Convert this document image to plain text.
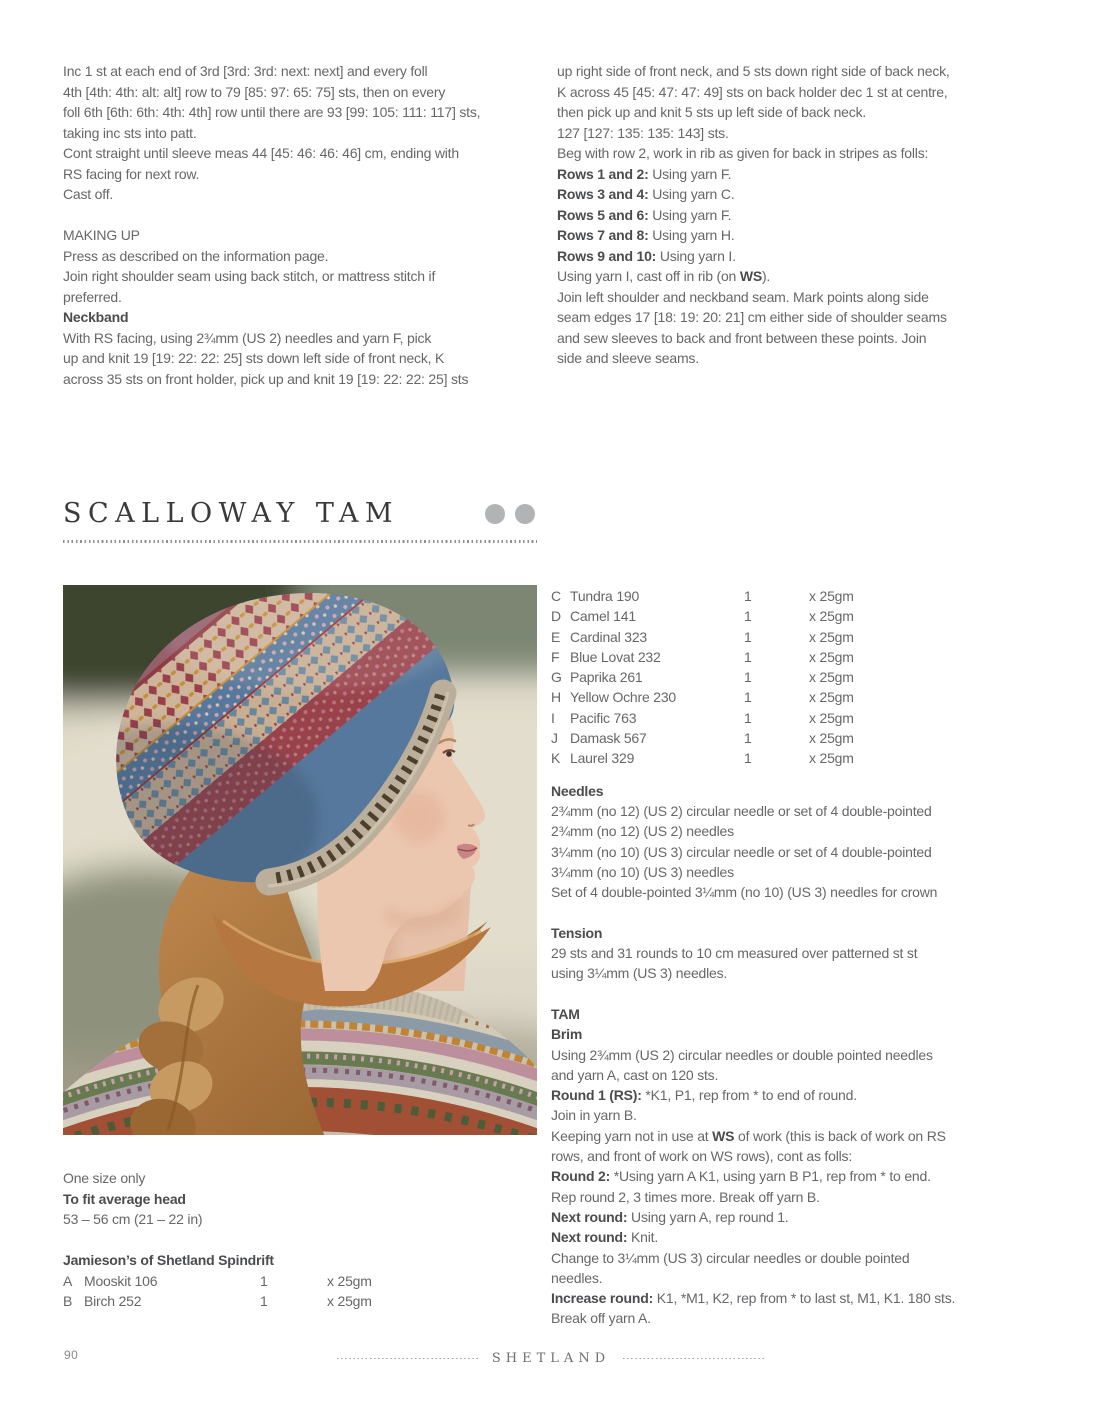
Inc 1 st at each end of 3rd [3rd: 3rd: next: next] and every foll
4th [4th: 4th: alt: alt] row to 79 [85: 97: 65: 75] sts, then on every
foll 6th [6th: 6th: 4th: 4th] row until there are 93 [99: 105: 111: 117] sts,
taking inc sts into patt.
Cont straight until sleeve meas 44 [45: 46: 46: 46] cm, ending with
RS facing for next row.
Cast off.

MAKING UP
Press as described on the information page.
Join right shoulder seam using back stitch, or mattress stitch if
preferred.
Neckband
With RS facing, using 2¾mm (US 2) needles and yarn F, pick
up and knit 19 [19: 22: 22: 25] sts down left side of front neck, K
across 35 sts on front holder, pick up and knit 19 [19: 22: 22: 25] sts
up right side of front neck, and 5 sts down right side of back neck,
K across 45 [45: 47: 47: 49] sts on back holder dec 1 st at centre,
then pick up and knit 5 sts up left side of back neck.
127 [127: 135: 135: 143] sts.
Beg with row 2, work in rib as given for back in stripes as folls:
Rows 1 and 2: Using yarn F.
Rows 3 and 4: Using yarn C.
Rows 5 and 6: Using yarn F.
Rows 7 and 8: Using yarn H.
Rows 9 and 10: Using yarn I.
Using yarn I, cast off in rib (on WS).
Join left shoulder and neckband seam. Mark points along side
seam edges 17 [18: 19: 20: 21] cm either side of shoulder seams
and sew sleeves to back and front between these points. Join
side and sleeve seams.
SCALLOWAY TAM
C Tundra 190	1	x 25gm
D Camel 141	1	x 25gm
E Cardinal 323	1	x 25gm
F Blue Lovat 232	1	x 25gm
G Paprika 261	1	x 25gm
H Yellow Ochre 230	1	x 25gm
I Pacific 763	1	x 25gm
J Damask 567	1	x 25gm
K Laurel 329	1	x 25gm
Needles
2¾mm (no 12) (US 2) circular needle or set of 4 double-pointed
2¾mm (no 12) (US 2) needles
3¼mm (no 10) (US 3) circular needle or set of 4 double-pointed
3¼mm (no 10) (US 3) needles
Set of 4 double-pointed 3¼mm (no 10) (US 3) needles for crown

Tension
29 sts and 31 rounds to 10 cm measured over patterned st st
using 3¼mm (US 3) needles.

TAM
Brim
Using 2¾mm (US 2) circular needles or double pointed needles
and yarn A, cast on 120 sts.
Round 1 (RS): *K1, P1, rep from * to end of round.
Join in yarn B.
Keeping yarn not in use at WS of work (this is back of work on RS
rows, and front of work on WS rows), cont as folls:
Round 2: *Using yarn A K1, using yarn B P1, rep from * to end.
Rep round 2, 3 times more. Break off yarn B.
Next round: Using yarn A, rep round 1.
Next round: Knit.
Change to 3¼mm (US 3) circular needles or double pointed
needles.
Increase round: K1, *M1, K2, rep from * to last st, M1, K1. 180 sts.
Break off yarn A.
One size only
To fit average head
53 – 56 cm (21 – 22 in)

Jamieson’s of Shetland Spindrift
A Mooskit 106	1	x 25gm
B Birch 252	1	x 25gm
90	SHETLAND
